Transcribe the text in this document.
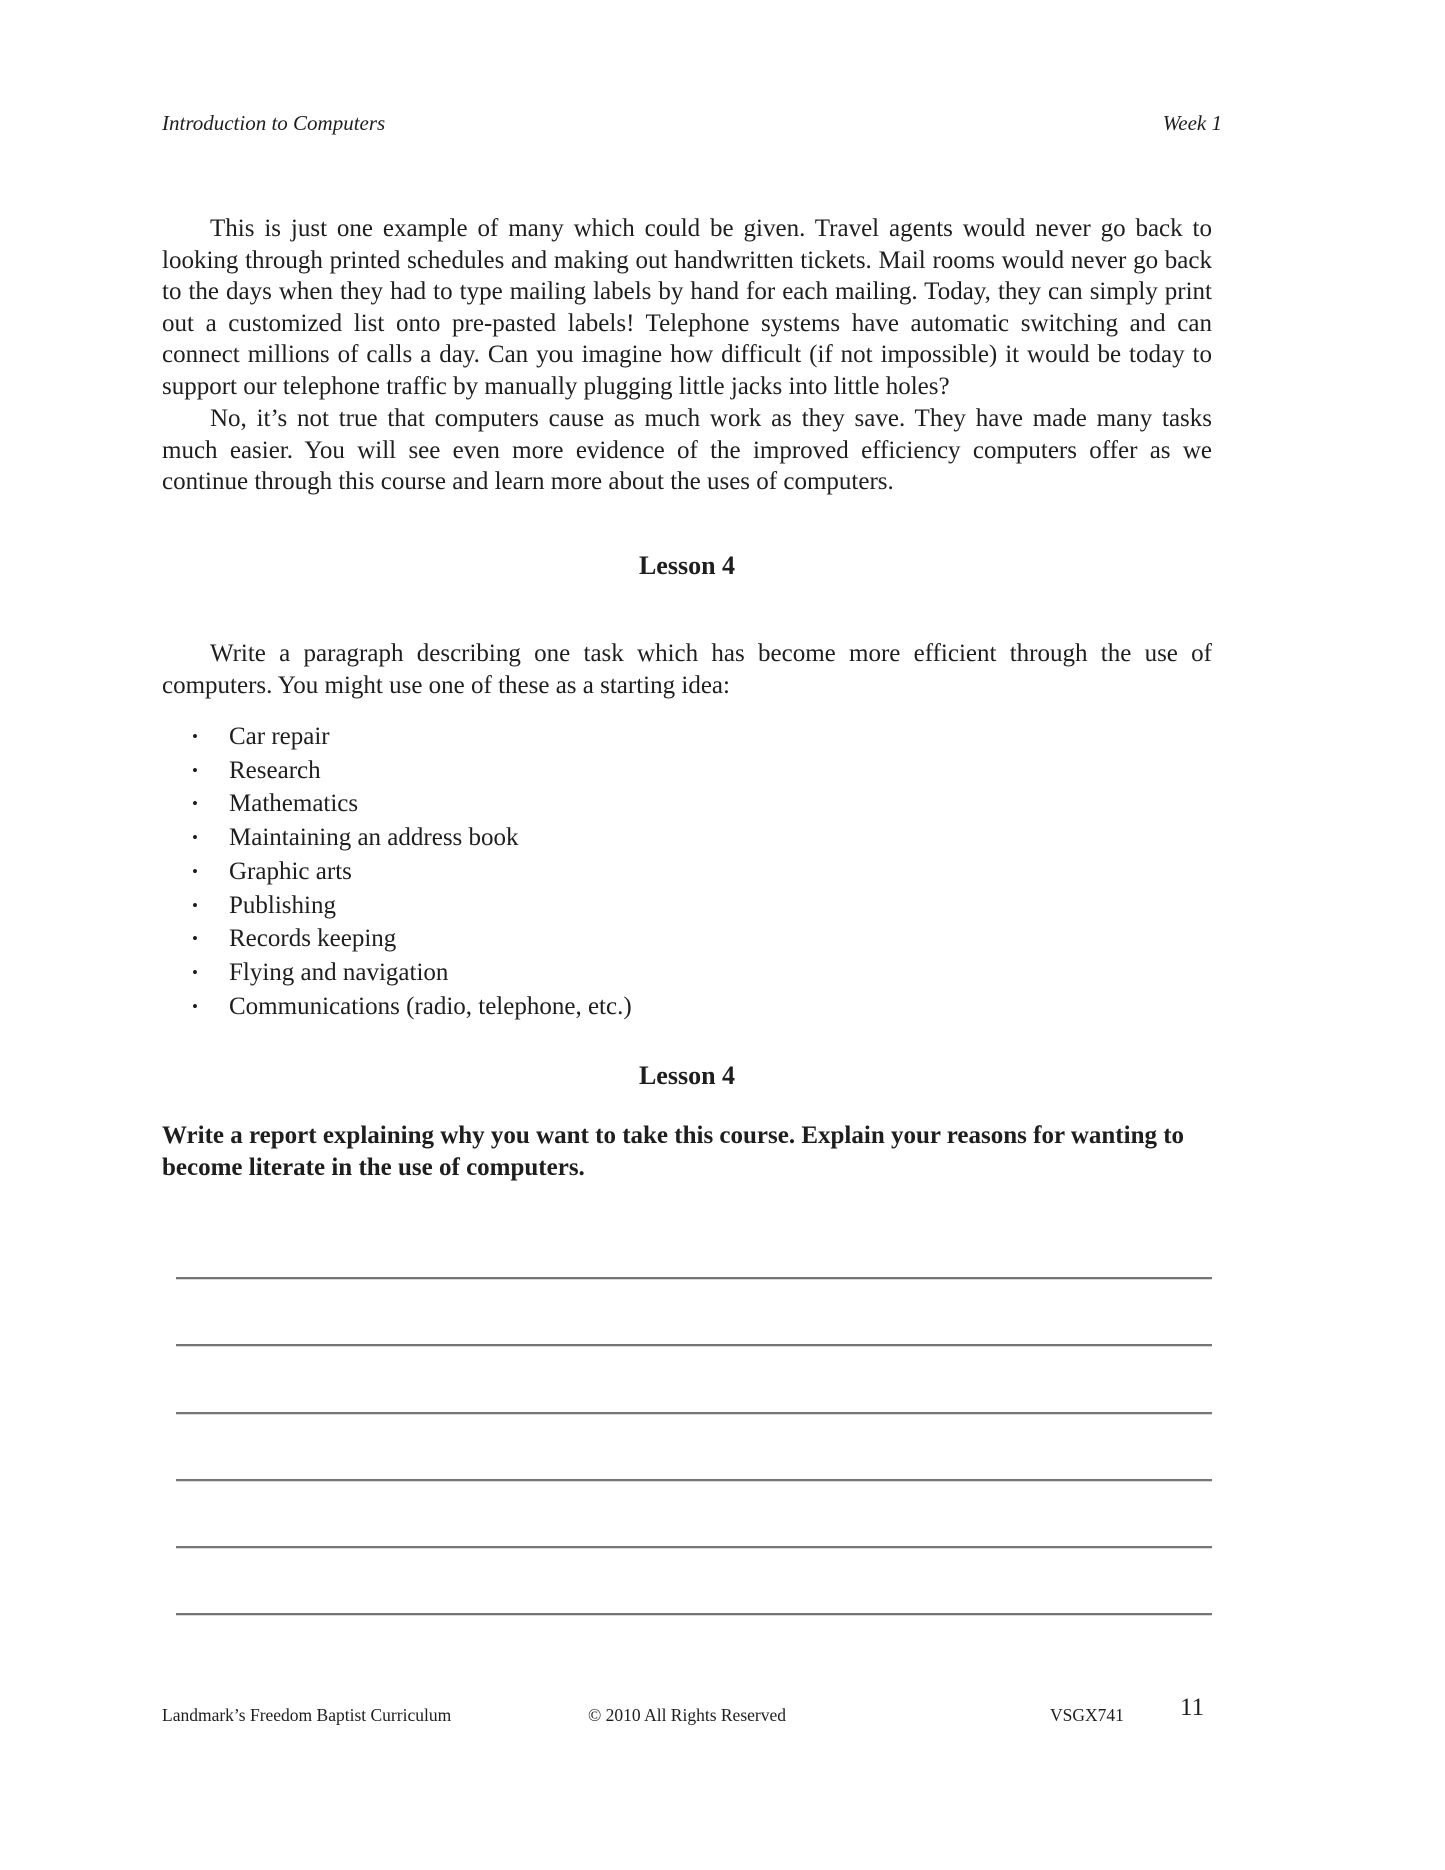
Introduction to Computers	Week 1

This is just one example of many which could be given. Travel agents would never go back to looking through printed schedules and making out handwritten tickets. Mail rooms would never go back to the days when they had to type mailing labels by hand for each mailing. Today, they can simply print out a customized list onto pre-pasted labels! Telephone systems have automatic switching and can connect millions of calls a day. Can you imagine how difficult (if not impossible) it would be today to support our telephone traffic by manually plugging little jacks into little holes?

No, it’s not true that computers cause as much work as they save. They have made many tasks much easier. You will see even more evidence of the improved efficiency computers offer as we continue through this course and learn more about the uses of computers.

Lesson 4

Write a paragraph describing one task which has become more efficient through the use of computers. You might use one of these as a starting idea:

•	Car repair
•	Research
•	Mathematics
•	Maintaining an address book
•	Graphic arts
•	Publishing
•	Records keeping
•	Flying and navigation
•	Communications (radio, telephone, etc.)
Lesson 4

Write a report explaining why you want to take this course. Explain your reasons for wanting to become literate in the use of computers.

Landmark’s Freedom Baptist Curriculum	© 2010 All Rights Reserved	VSGX741 11
